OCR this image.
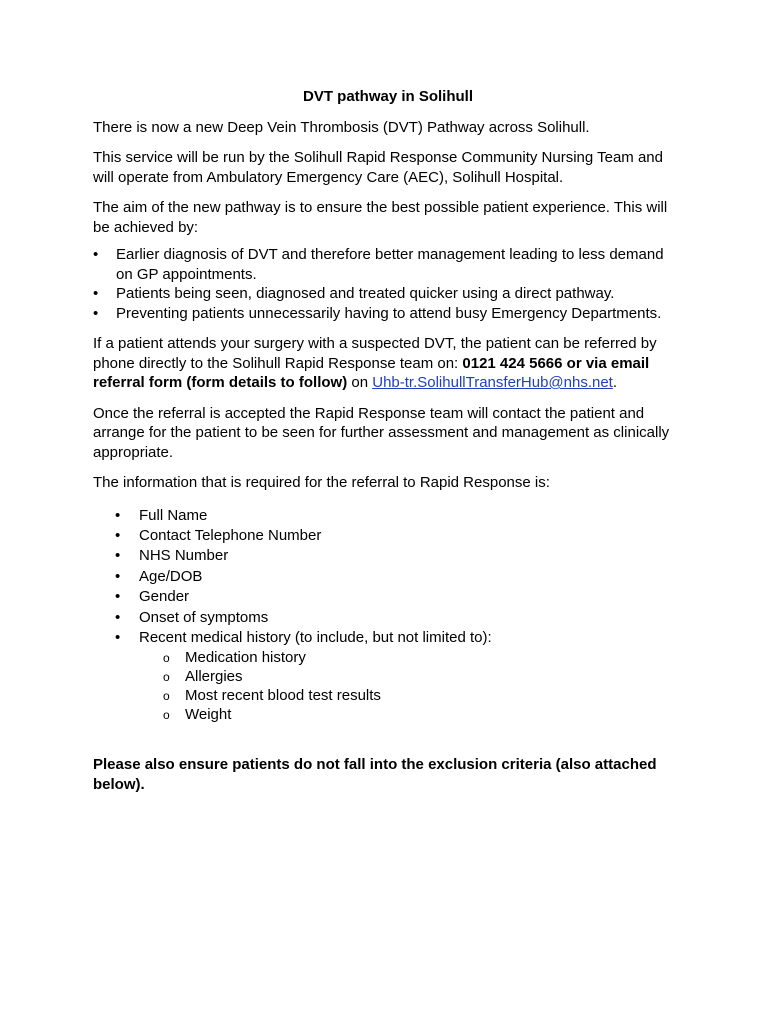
DVT pathway in Solihull

There is now a new Deep Vein Thrombosis (DVT) Pathway across Solihull.

This service will be run by the Solihull Rapid Response Community Nursing Team and will operate from Ambulatory Emergency Care (AEC), Solihull Hospital.

The aim of the new pathway is to ensure the best possible patient experience. This will be achieved by:

• Earlier diagnosis of DVT and therefore better management leading to less demand on GP appointments.
• Patients being seen, diagnosed and treated quicker using a direct pathway.
• Preventing patients unnecessarily having to attend busy Emergency Departments.

If a patient attends your surgery with a suspected DVT, the patient can be referred by phone directly to the Solihull Rapid Response team on: 0121 424 5666 or via email referral form (form details to follow) on Uhb-tr.SolihullTransferHub@nhs.net.

Once the referral is accepted the Rapid Response team will contact the patient and arrange for the patient to be seen for further assessment and management as clinically appropriate.

The information that is required for the referral to Rapid Response is:

• Full Name
• Contact Telephone Number
• NHS Number
• Age/DOB
• Gender
• Onset of symptoms
• Recent medical history (to include, but not limited to):
o Medication history
o Allergies
o Most recent blood test results
o Weight

Please also ensure patients do not fall into the exclusion criteria (also attached below).
